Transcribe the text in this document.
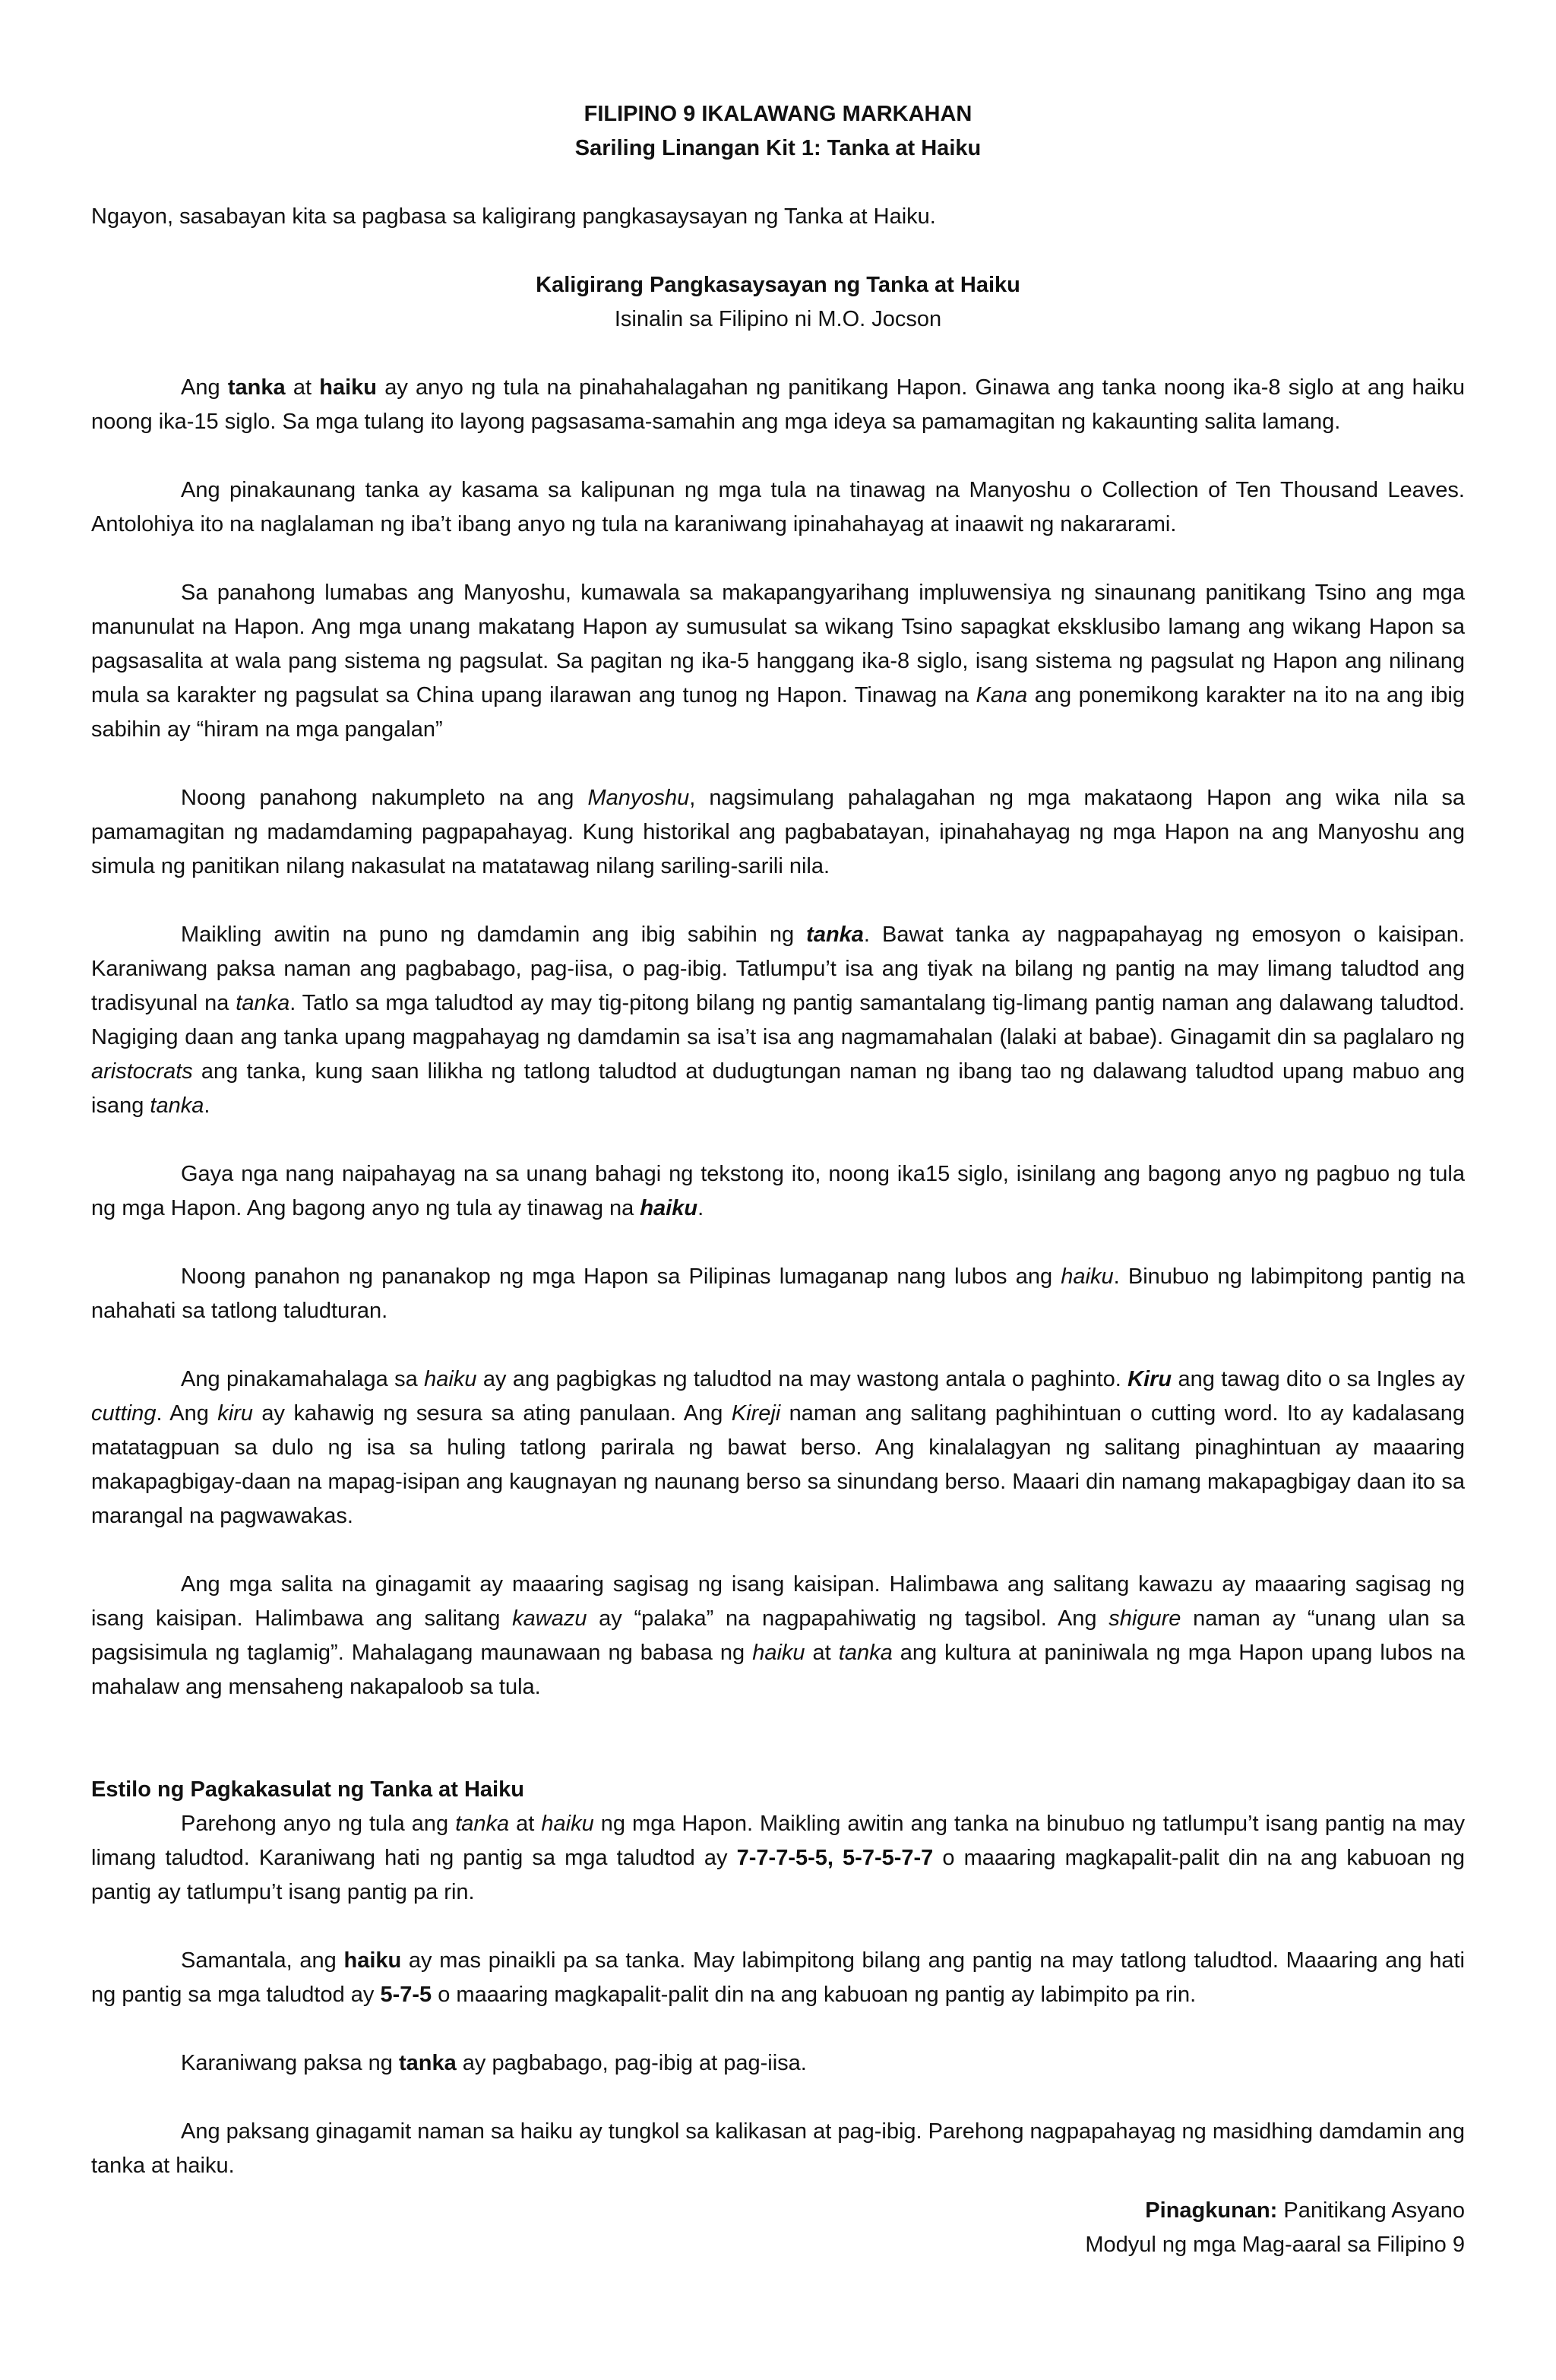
FILIPINO 9 IKALAWANG MARKAHAN
Sariling Linangan Kit 1: Tanka at Haiku

Ngayon, sasabayan kita sa pagbasa sa kaligirang pangkasaysayan ng Tanka at Haiku.

Kaligirang Pangkasaysayan ng Tanka at Haiku
Isinalin sa Filipino ni M.O. Jocson

Ang tanka at haiku ay anyo ng tula na pinahahalagahan ng panitikang Hapon. Ginawa ang tanka noong ika-8 siglo at ang haiku noong ika-15 siglo. Sa mga tulang ito layong pagsasama-samahin ang mga ideya sa pamamagitan ng kakaunting salita lamang.

Ang pinakaunang tanka ay kasama sa kalipunan ng mga tula na tinawag na Manyoshu o Collection of Ten Thousand Leaves. Antolohiya ito na naglalaman ng iba’t ibang anyo ng tula na karaniwang ipinahahayag at inaawit ng nakararami.

Sa panahong lumabas ang Manyoshu, kumawala sa makapangyarihang impluwensiya ng sinaunang panitikang Tsino ang mga manunulat na Hapon. Ang mga unang makatang Hapon ay sumusulat sa wikang Tsino sapagkat eksklusibo lamang ang wikang Hapon sa pagsasalita at wala pang sistema ng pagsulat. Sa pagitan ng ika-5 hanggang ika-8 siglo, isang sistema ng pagsulat ng Hapon ang nilinang mula sa karakter ng pagsulat sa China upang ilarawan ang tunog ng Hapon. Tinawag na Kana ang ponemikong karakter na ito na ang ibig sabihin ay “hiram na mga pangalan”

Noong panahong nakumpleto na ang Manyoshu, nagsimulang pahalagahan ng mga makataong Hapon ang wika nila sa pamamagitan ng madamdaming pagpapahayag. Kung historikal ang pagbabatayan, ipinahahayag ng mga Hapon na ang Manyoshu ang simula ng panitikan nilang nakasulat na matatawag nilang sariling-sarili nila.

Maikling awitin na puno ng damdamin ang ibig sabihin ng tanka. Bawat tanka ay nagpapahayag ng emosyon o kaisipan. Karaniwang paksa naman ang pagbabago, pag-iisa, o pag-ibig. Tatlumpu’t isa ang tiyak na bilang ng pantig na may limang taludtod ang tradisyunal na tanka. Tatlo sa mga taludtod ay may tig-pitong bilang ng pantig samantalang tig-limang pantig naman ang dalawang taludtod. Nagiging daan ang tanka upang magpahayag ng damdamin sa isa’t isa ang nagmamahalan (lalaki at babae). Ginagamit din sa paglalaro ng aristocrats ang tanka, kung saan lilikha ng tatlong taludtod at dudugtungan naman ng ibang tao ng dalawang taludtod upang mabuo ang isang tanka.

Gaya nga nang naipahayag na sa unang bahagi ng tekstong ito, noong ika15 siglo, isinilang ang bagong anyo ng pagbuo ng tula ng mga Hapon. Ang bagong anyo ng tula ay tinawag na haiku.

Noong panahon ng pananakop ng mga Hapon sa Pilipinas lumaganap nang lubos ang haiku. Binubuo ng labimpitong pantig na nahahati sa tatlong taludturan.

Ang pinakamahalaga sa haiku ay ang pagbigkas ng taludtod na may wastong antala o paghinto. Kiru ang tawag dito o sa Ingles ay cutting. Ang kiru ay kahawig ng sesura sa ating panulaan. Ang Kireji naman ang salitang paghihintuan o cutting word. Ito ay kadalasang matatagpuan sa dulo ng isa sa huling tatlong parirala ng bawat berso. Ang kinalalagyan ng salitang pinaghintuan ay maaaring makapagbigay-daan na mapag-isipan ang kaugnayan ng naunang berso sa sinundang berso. Maaari din namang makapagbigay daan ito sa marangal na pagwawakas.

Ang mga salita na ginagamit ay maaaring sagisag ng isang kaisipan. Halimbawa ang salitang kawazu ay maaaring sagisag ng isang kaisipan. Halimbawa ang salitang kawazu ay “palaka” na nagpapahiwatig ng tagsibol. Ang shigure naman ay “unang ulan sa pagsisimula ng taglamig”. Mahalagang maunawaan ng babasa ng haiku at tanka ang kultura at paniniwala ng mga Hapon upang lubos na mahalaw ang mensaheng nakapaloob sa tula.

Estilo ng Pagkakasulat ng Tanka at Haiku

Parehong anyo ng tula ang tanka at haiku ng mga Hapon. Maikling awitin ang tanka na binubuo ng tatlumpu’t isang pantig na may limang taludtod. Karaniwang hati ng pantig sa mga taludtod ay 7-7-7-5-5, 5-7-5-7-7 o maaaring magkapalit-palit din na ang kabuoan ng pantig ay tatlumpu’t isang pantig pa rin.

Samantala, ang haiku ay mas pinaikli pa sa tanka. May labimpitong bilang ang pantig na may tatlong taludtod. Maaaring ang hati ng pantig sa mga taludtod ay 5-7-5 o maaaring magkapalit-palit din na ang kabuoan ng pantig ay labimpito pa rin.

Karaniwang paksa ng tanka ay pagbabago, pag-ibig at pag-iisa.

Ang paksang ginagamit naman sa haiku ay tungkol sa kalikasan at pag-ibig. Parehong nagpapahayag ng masidhing damdamin ang tanka at haiku.

Pinagkunan: Panitikang Asyano
Modyul ng mga Mag-aaral sa Filipino 9
